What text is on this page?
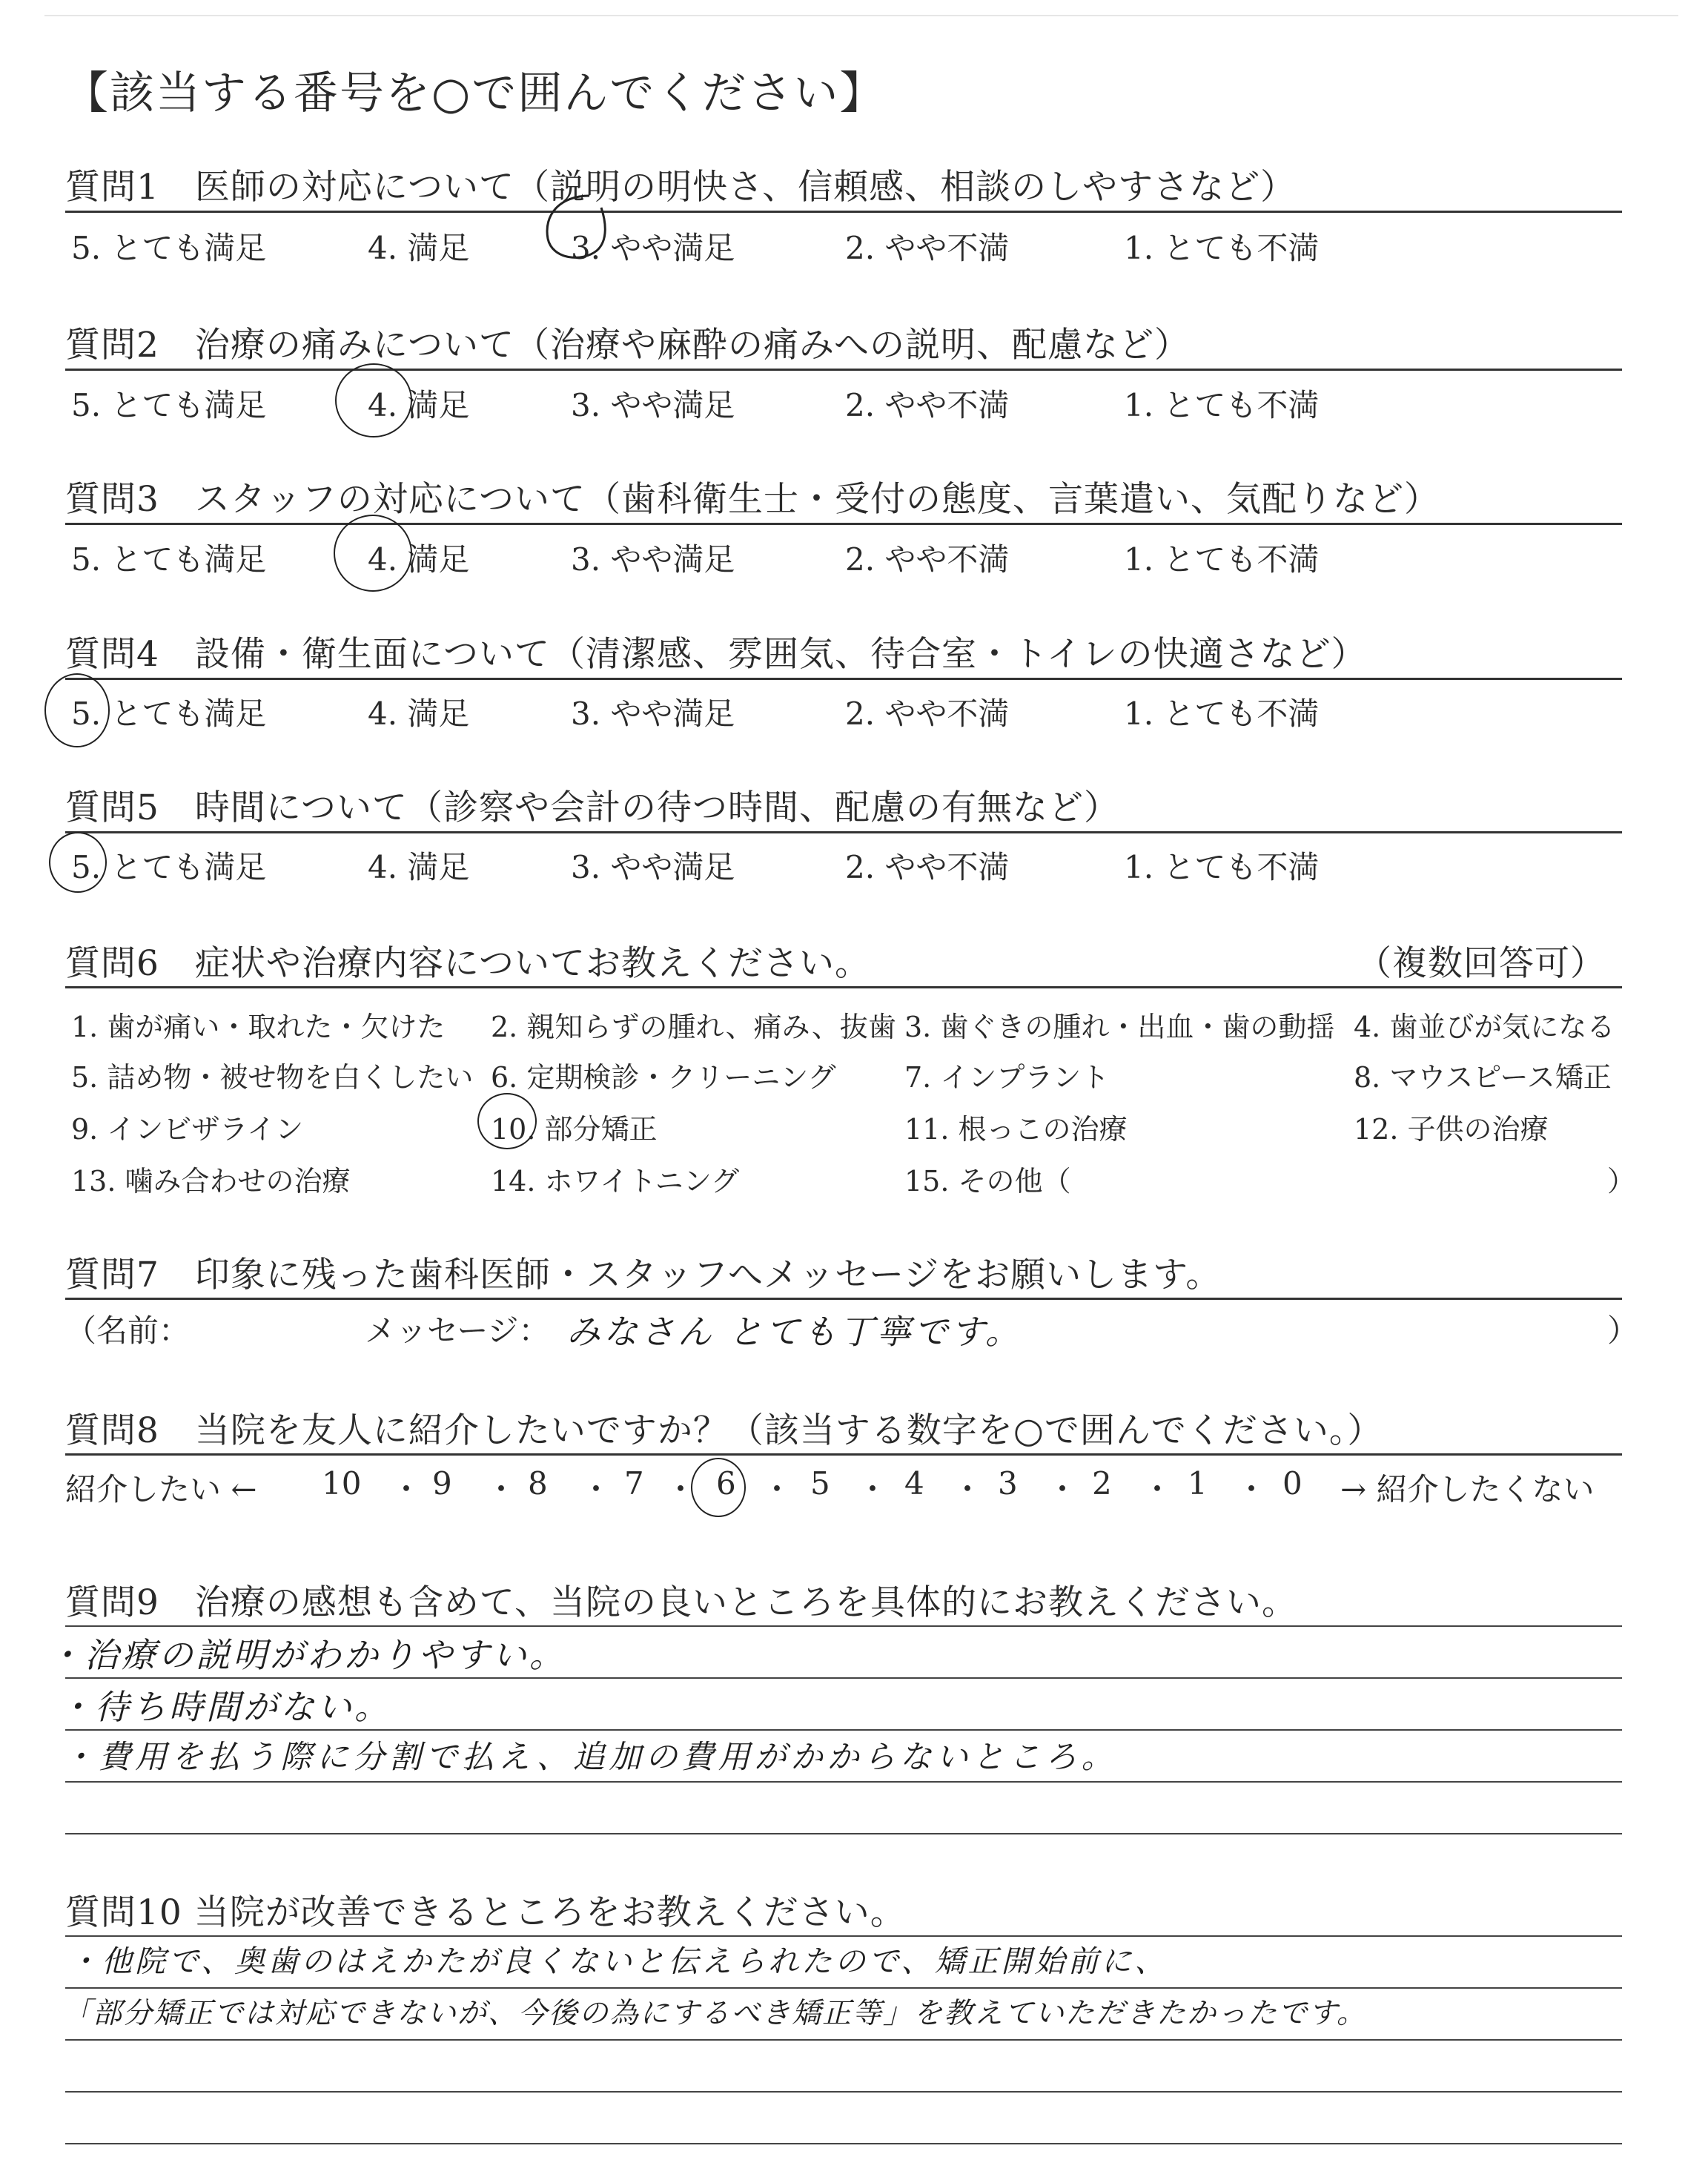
【該当する番号を○で囲んでください】
質問1　医師の対応について（説明の明快さ、信頼感、相談のしやすさなど）
5. とても満足	4. 満足	3. やや満足	2. やや不満	1. とても不満
質問2　治療の痛みについて（治療や麻酔の痛みへの説明、配慮など）
5. とても満足	4. 満足	3. やや満足	2. やや不満	1. とても不満
質問3　スタッフの対応について（歯科衛生士・受付の態度、言葉遣い、気配りなど）
5. とても満足	4. 満足	3. やや満足	2. やや不満	1. とても不満
質問4　設備・衛生面について（清潔感、雰囲気、待合室・トイレの快適さなど）
5. とても満足	4. 満足	3. やや満足	2. やや不満	1. とても不満
質問5　時間について（診察や会計の待つ時間、配慮の有無など）
5. とても満足	4. 満足	3. やや満足	2. やや不満	1. とても不満
質問6　症状や治療内容についてお教えください。	（複数回答可）
1. 歯が痛い・取れた・欠けた 2. 親知らずの腫れ、痛み、抜歯 3. 歯ぐきの腫れ・出血・歯の動揺 4. 歯並びが気になる
5. 詰め物・被せ物を白くしたい 6. 定期検診・クリーニング 7. インプラント	8. マウスピース矯正
9. インビザライン	10. 部分矯正	11. 根っこの治療	12. 子供の治療
13. 噛み合わせの治療	14. ホワイトニング	15. その他（	）
質問7　印象に残った歯科医師・スタッフへメッセージをお願いします。
（名前：	メッセージ： みなさん とても丁寧です。	）
質問8　当院を友人に紹介したいですか？（該当する数字を○で囲んでください。）
紹介したい ← 10 ・ 9 ・ 8 ・ 7 ・ 6 ・ 5 ・ 4 ・ 3 ・ 2 ・ 1 ・ 0 → 紹介したくない
質問9　治療の感想も含めて、当院の良いところを具体的にお教えください。
・治療の説明がわかりやすい。
・待ち時間がない。
・費用を払う際に分割で払え、追加の費用がかからないところ。
質問10 当院が改善できるところをお教えください。
・他院で、奥歯のはえかたが良くないと伝えられたので、矯正開始前に、
「部分矯正では対応できないが、今後の為にするべき矯正等」を教えていただきたかったです。
